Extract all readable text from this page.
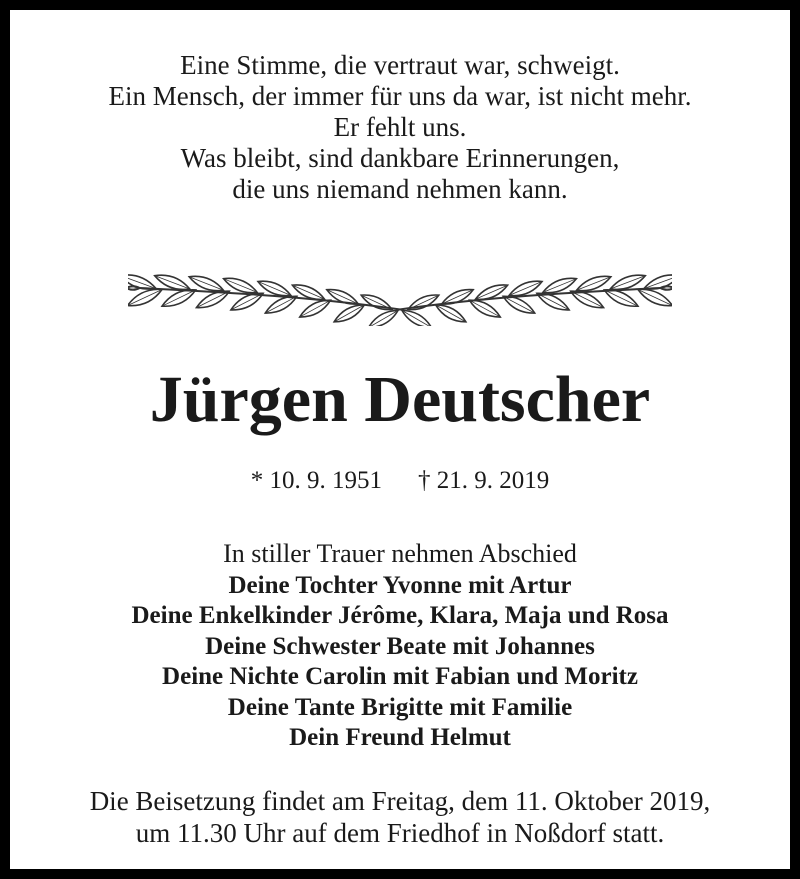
Eine Stimme, die vertraut war, schweigt.
Ein Mensch, der immer für uns da war, ist nicht mehr.
Er fehlt uns.
Was bleibt, sind dankbare Erinnerungen,
die uns niemand nehmen kann.
Jürgen Deutscher
* 10. 9. 1951 † 21. 9. 2019
In stiller Trauer nehmen Abschied
Deine Tochter Yvonne mit Artur
Deine Enkelkinder Jérôme, Klara, Maja und Rosa
Deine Schwester Beate mit Johannes
Deine Nichte Carolin mit Fabian und Moritz
Deine Tante Brigitte mit Familie
Dein Freund Helmut
Die Beisetzung findet am Freitag, dem 11. Oktober 2019,
um 11.30 Uhr auf dem Friedhof in Noßdorf statt.
